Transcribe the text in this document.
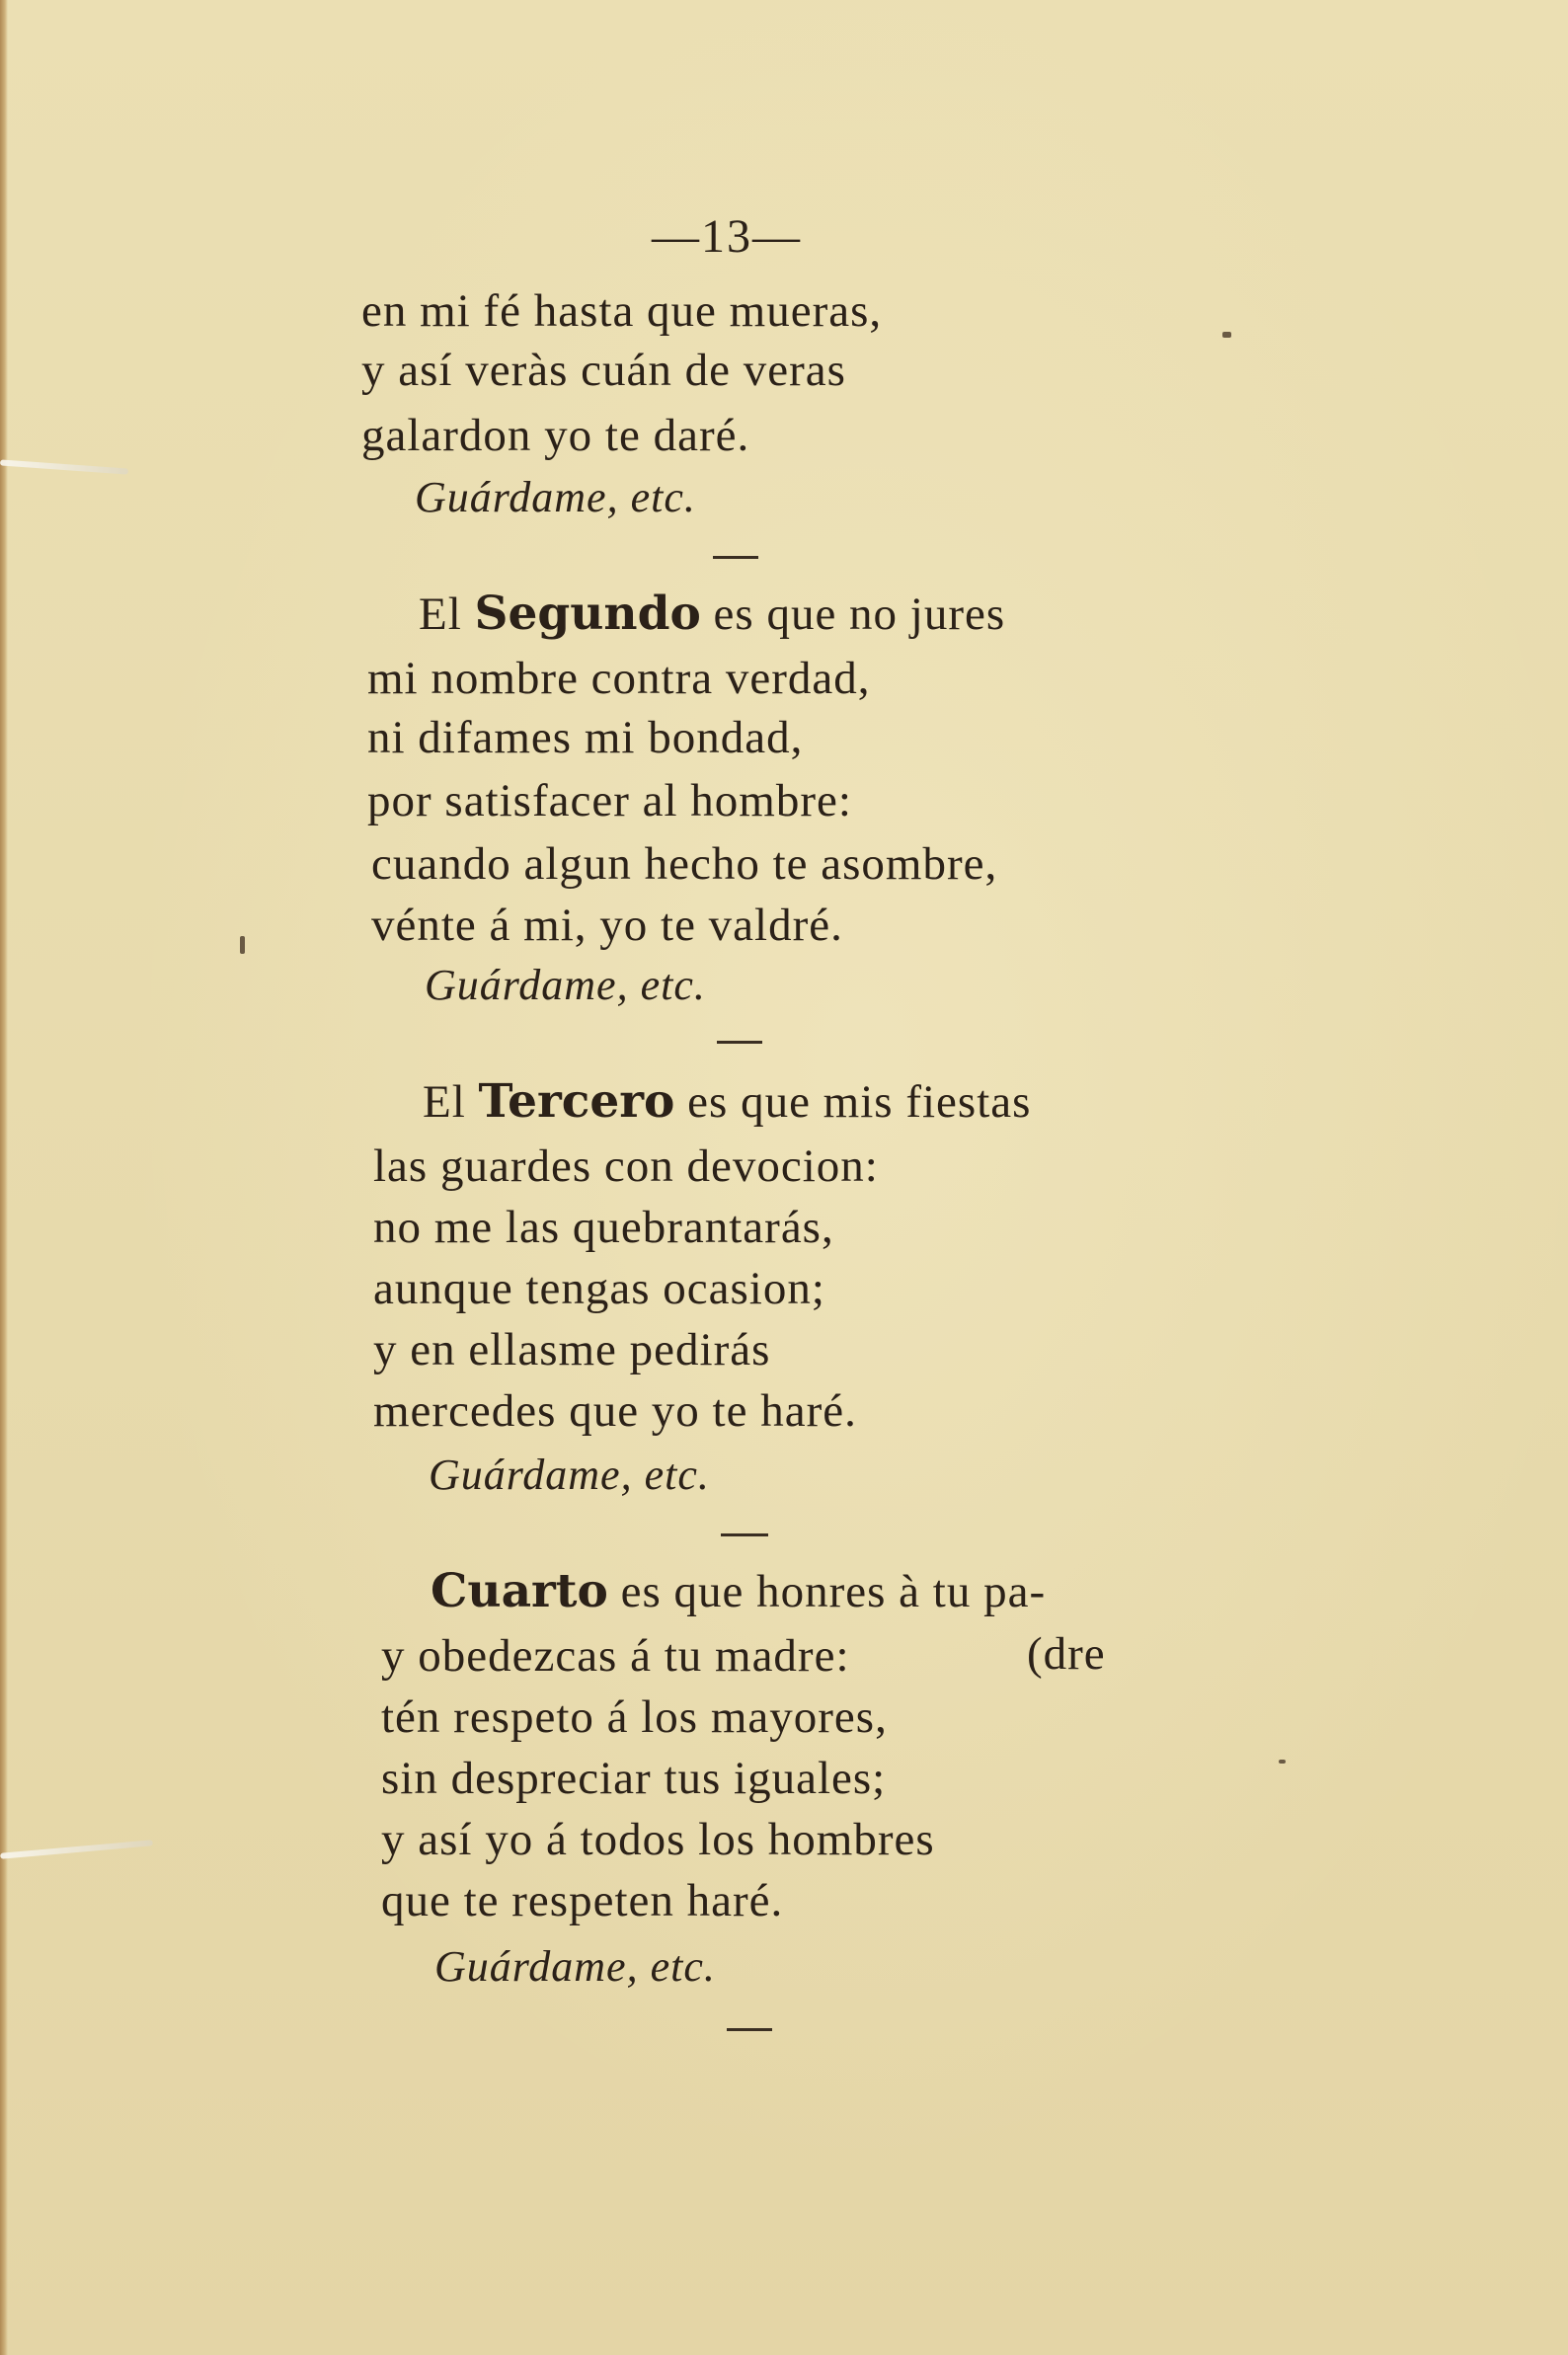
—13—
en mi fé hasta que mueras,
y así veràs cuán de veras
galardon yo te daré.
Guárdame, etc.
El Segundo es que no jures
mi nombre contra verdad,
ni difames mi bondad,
por satisfacer al hombre:
cuando algun hecho te asombre,
vénte á mi, yo te valdré.
Guárdame, etc.
El Tercero es que mis fiestas
las guardes con devocion:
no me las quebrantarás,
aunque tengas ocasion;
y en ellasme pedirás
mercedes que yo te haré.
Guárdame, etc.
Cuarto es que honres à tu pa-
y obedezcas á tu madre:	(dre
tén respeto á los mayores,
sin despreciar tus iguales;
y así yo á todos los hombres
que te respeten haré.
Guárdame, etc.
